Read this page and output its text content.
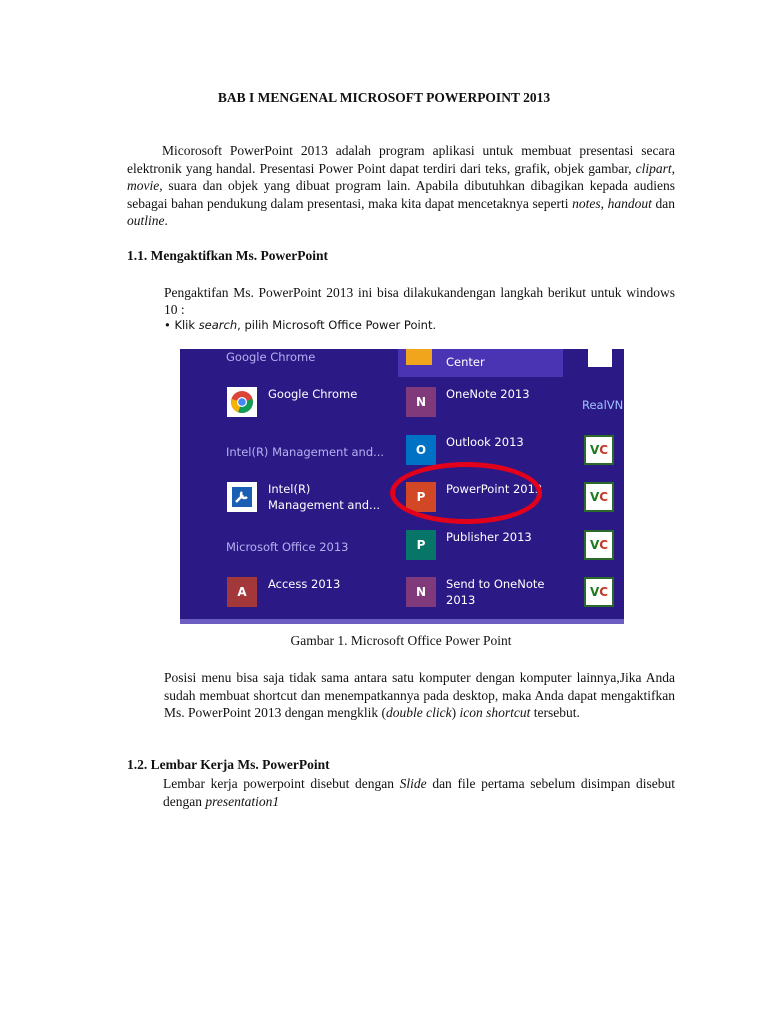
BAB I MENGENAL MICROSOFT POWERPOINT 2013
Micorosoft PowerPoint 2013 adalah program aplikasi untuk membuat presentasi secara elektronik yang handal. Presentasi Power Point dapat terdiri dari teks, grafik, objek gambar, clipart, movie, suara dan objek yang dibuat program lain. Apabila dibutuhkan dibagikan kepada audiens sebagai bahan pendukung dalam presentasi, maka kita dapat mencetaknya seperti notes, handout dan outline.
1.1. Mengaktifkan Ms. PowerPoint
Pengaktifan Ms. PowerPoint 2013 ini bisa dilakukandengan langkah berikut untuk windows 10 :
• Klik search, pilih Microsoft Office Power Point.
Center
Google Chrome
Google Chrome
Intel(R) Management and...
Intel(R)
Management and...
Microsoft Office 2013
A
Access 2013
N
OneNote 2013
O
Outlook 2013
P
PowerPoint 2013
P
Publisher 2013
N
Send to OneNote
2013
RealVN
V C
V C
V C
V C
Gambar 1. Microsoft Office Power Point
Posisi menu bisa saja tidak sama antara satu komputer dengan komputer lainnya,Jika Anda sudah membuat shortcut dan menempatkannya pada desktop, maka Anda dapat mengaktifkan Ms. PowerPoint 2013 dengan mengklik (double click) icon shortcut tersebut.
1.2. Lembar Kerja Ms. PowerPoint
Lembar kerja powerpoint disebut dengan Slide dan file pertama sebelum disimpan disebut dengan presentation1
